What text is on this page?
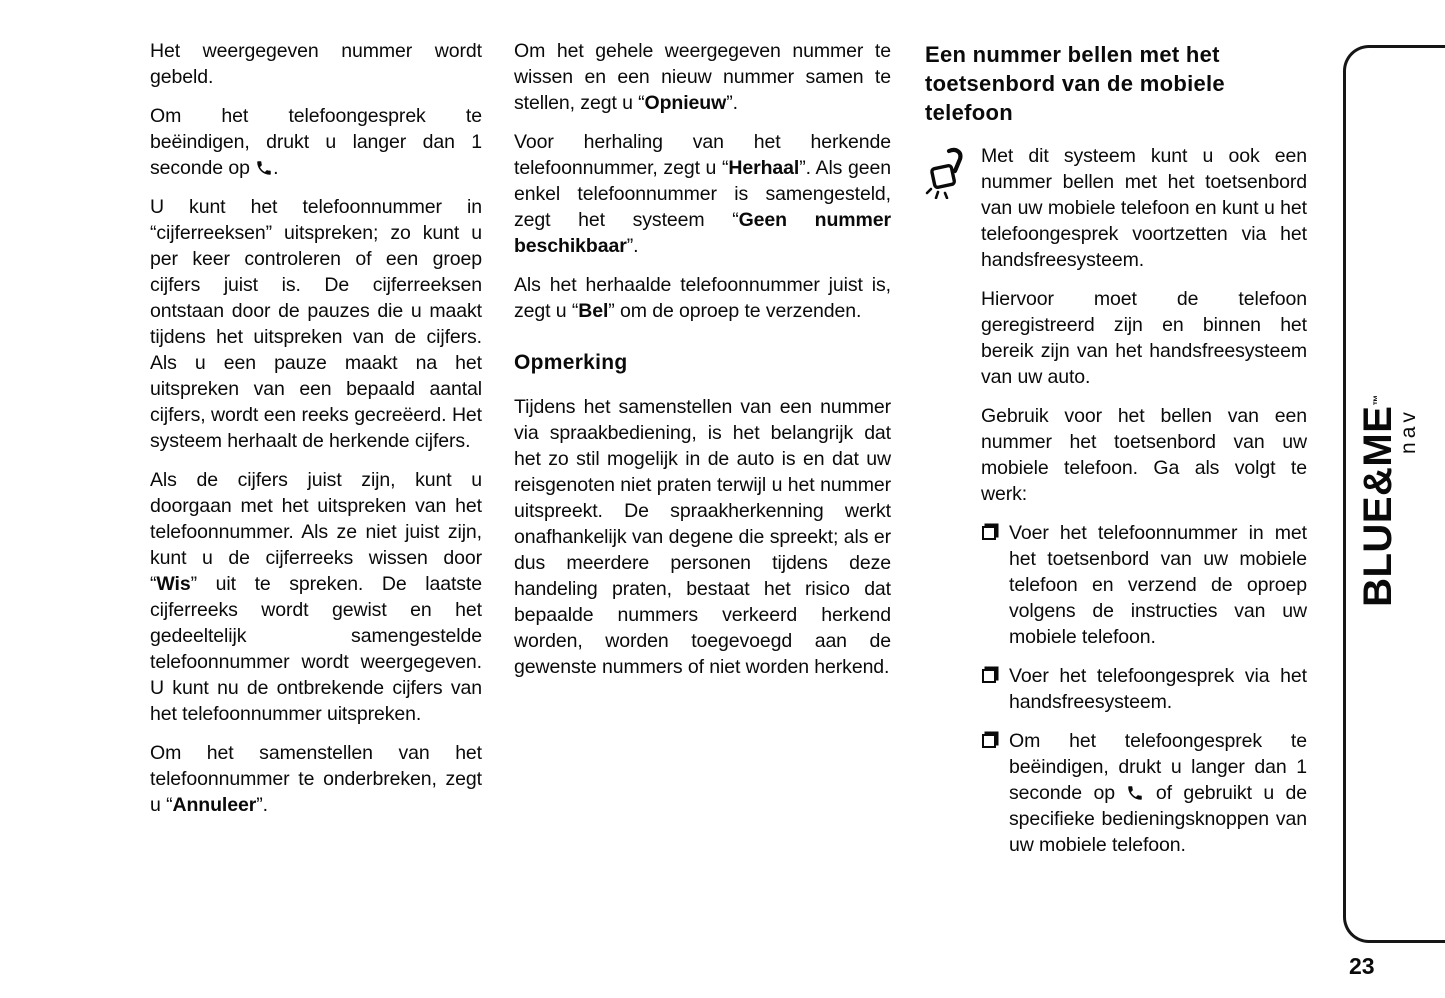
Het weergegeven nummer wordt gebeld.

Om het telefoongesprek te beëindigen, drukt u langer dan 1 seconde op .

U kunt het telefoonnummer in “cijferreeksen” uitspreken; zo kunt u per keer controleren of een groep cijfers juist is. De cijferreeksen ontstaan door de pauzes die u maakt tijdens het uitspreken van de cijfers. Als u een pauze maakt na het uitspreken van een bepaald aantal cijfers, wordt een reeks gecreëerd. Het systeem herhaalt de herkende cijfers.

Als de cijfers juist zijn, kunt u doorgaan met het uitspreken van het telefoonnummer. Als ze niet juist zijn, kunt u de cijferreeks wissen door “Wis” uit te spreken. De laatste cijferreeks wordt gewist en het gedeeltelijk samengestelde telefoonnummer wordt weergegeven. U kunt nu de ontbrekende cijfers van het telefoonnummer uitspreken.

Om het samenstellen van het telefoonnummer te onderbreken, zegt u “Annuleer”.

Om het gehele weergegeven nummer te wissen en een nieuw nummer samen te stellen, zegt u “Opnieuw”.

Voor herhaling van het herkende telefoonnummer, zegt u “Herhaal”. Als geen enkel telefoonnummer is samengesteld, zegt het systeem “Geen nummer beschikbaar”.

Als het herhaalde telefoonnummer juist is, zegt u “Bel” om de oproep te verzenden.

Opmerking

Tijdens het samenstellen van een nummer via spraakbediening, is het belangrijk dat het zo stil mogelijk in de auto is en dat uw reisgenoten niet praten terwijl u het nummer uitspreekt. De spraakherkenning werkt onafhankelijk van degene die spreekt; als er dus meerdere personen tijdens deze handeling praten, bestaat het risico dat bepaalde nummers verkeerd herkend worden, worden toegevoegd aan de gewenste nummers of niet worden herkend.

Een nummer bellen met het toetsenbord van de mobiele telefoon

Met dit systeem kunt u ook een nummer bellen met het toetsenbord van uw mobiele telefoon en kunt u het telefoongesprek voortzetten via het handsfreesysteem.

Hiervoor moet de telefoon geregistreerd zijn en binnen het bereik zijn van het handsfreesysteem van uw auto.

Gebruik voor het bellen van een nummer het toetsenbord van uw mobiele telefoon. Ga als volgt te werk:

Voer het telefoonnummer in met het toetsenbord van uw mobiele telefoon en verzend de oproep volgens de instructies van uw mobiele telefoon.
Voer het telefoongesprek via het handsfreesysteem.
Om het telefoongesprek te beëindigen, drukt u langer dan 1 seconde op  of gebruikt u de specifieke bedieningsknoppen van uw mobiele telefoon.
BLUE&ME™
nav
23
